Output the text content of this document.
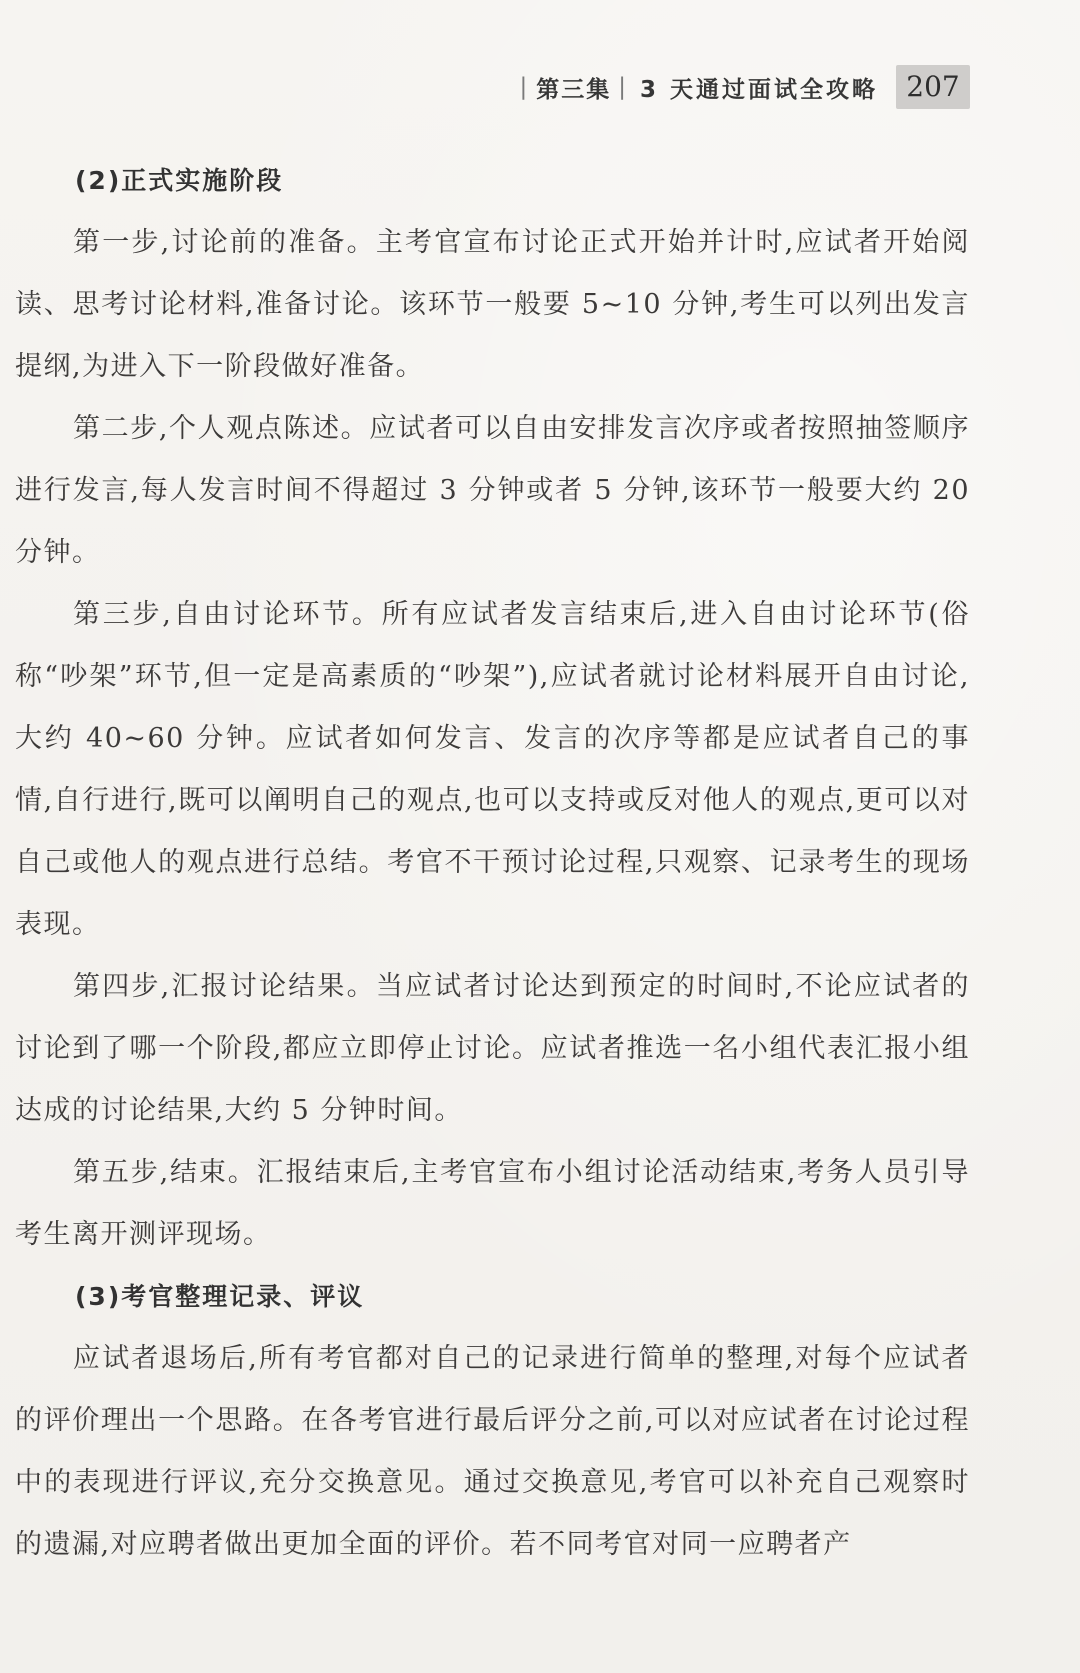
| 第三集 | 3 天通过面试全攻略	207
(2)正式实施阶段

第一步,讨论前的准备。主考官宣布讨论正式开始并计时,应试者开始阅读、思考讨论材料,准备讨论。该环节一般要 5~10 分钟,考生可以列出发言提纲,为进入下一阶段做好准备。

第二步,个人观点陈述。应试者可以自由安排发言次序或者按照抽签顺序进行发言,每人发言时间不得超过 3 分钟或者 5 分钟,该环节一般要大约 20 分钟。

第三步,自由讨论环节。所有应试者发言结束后,进入自由讨论环节(俗称“吵架”环节,但一定是高素质的“吵架”),应试者就讨论材料展开自由讨论,大约 40~60 分钟。应试者如何发言、发言的次序等都是应试者自己的事情,自行进行,既可以阐明自己的观点,也可以支持或反对他人的观点,更可以对自己或他人的观点进行总结。考官不干预讨论过程,只观察、记录考生的现场表现。

第四步,汇报讨论结果。当应试者讨论达到预定的时间时,不论应试者的讨论到了哪一个阶段,都应立即停止讨论。应试者推选一名小组代表汇报小组达成的讨论结果,大约 5 分钟时间。

第五步,结束。汇报结束后,主考官宣布小组讨论活动结束,考务人员引导考生离开测评现场。

(3)考官整理记录、评议

应试者退场后,所有考官都对自己的记录进行简单的整理,对每个应试者的评价理出一个思路。在各考官进行最后评分之前,可以对应试者在讨论过程中的表现进行评议,充分交换意见。通过交换意见,考官可以补充自己观察时的遗漏,对应聘者做出更加全面的评价。若不同考官对同一应聘者产
